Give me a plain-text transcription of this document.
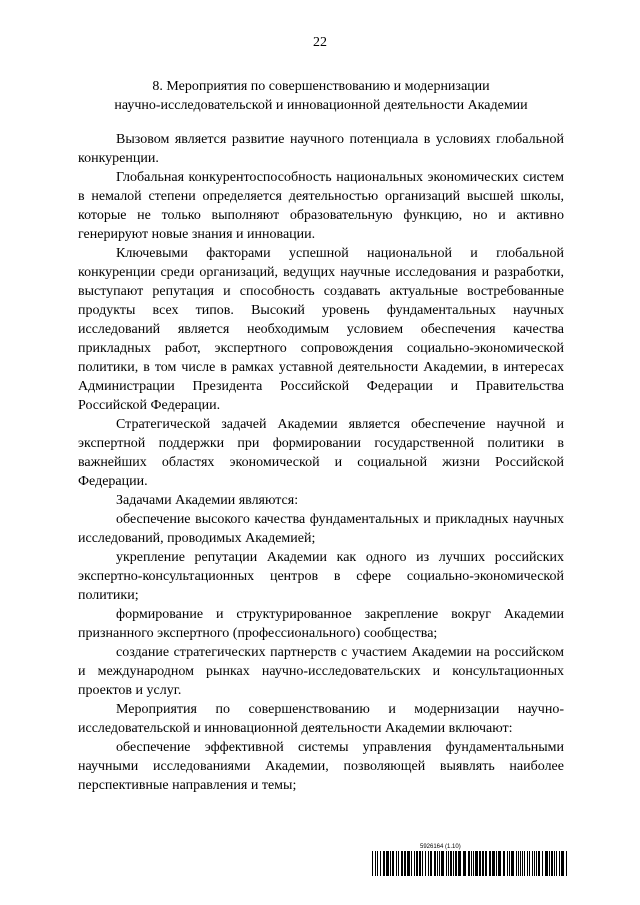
22
8. Мероприятия по совершенствованию и модернизации
научно-исследовательской и инновационной деятельности Академии

Вызовом является развитие научного потенциала в условиях глобальной конкуренции.

Глобальная конкурентоспособность национальных экономических систем в немалой степени определяется деятельностью организаций высшей школы, которые не только выполняют образовательную функцию, но и активно генерируют новые знания и инновации.

Ключевыми факторами успешной национальной и глобальной конкуренции среди организаций, ведущих научные исследования и разработки, выступают репутация и способность создавать актуальные востребованные продукты всех типов. Высокий уровень фундаментальных научных исследований является необходимым условием обеспечения качества прикладных работ, экспертного сопровождения социально-экономической политики, в том числе в рамках уставной деятельности Академии, в интересах Администрации Президента Российской Федерации и Правительства Российской Федерации.

Стратегической задачей Академии является обеспечение научной и экспертной поддержки при формировании государственной политики в важнейших областях экономической и социальной жизни Российской Федерации.

Задачами Академии являются:

обеспечение высокого качества фундаментальных и прикладных научных исследований, проводимых Академией;

укрепление репутации Академии как одного из лучших российских экспертно-консультационных центров в сфере социально-экономической политики;

формирование и структурированное закрепление вокруг Академии признанного экспертного (профессионального) сообщества;

создание стратегических партнерств с участием Академии на российском и международном рынках научно-исследовательских и консультационных проектов и услуг.

Мероприятия по совершенствованию и модернизации научно-исследовательской и инновационной деятельности Академии включают:

обеспечение эффективной системы управления фундаментальными научными исследованиями Академии, позволяющей выявлять наиболее перспективные направления и темы;

5926164 (1.10)
